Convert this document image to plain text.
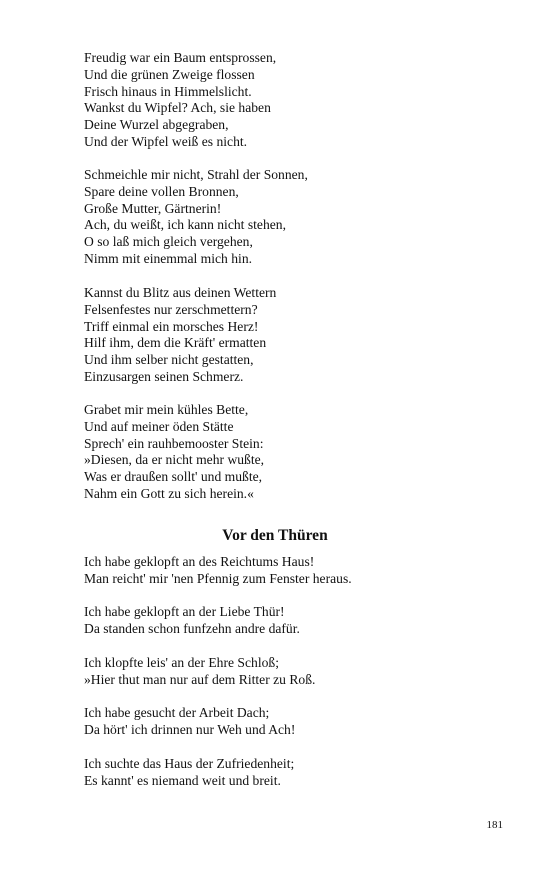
Freudig war ein Baum entsprossen,
Und die grünen Zweige flossen
Frisch hinaus in Himmelslicht.
Wankst du Wipfel? Ach, sie haben
Deine Wurzel abgegraben,
Und der Wipfel weiß es nicht.
Schmeichle mir nicht, Strahl der Sonnen,
Spare deine vollen Bronnen,
Große Mutter, Gärtnerin!
Ach, du weißt, ich kann nicht stehen,
O so laß mich gleich vergehen,
Nimm mit einemmal mich hin.
Kannst du Blitz aus deinen Wettern
Felsenfestes nur zerschmettern?
Triff einmal ein morsches Herz!
Hilf ihm, dem die Kräft' ermatten
Und ihm selber nicht gestatten,
Einzusargen seinen Schmerz.
Grabet mir mein kühles Bette,
Und auf meiner öden Stätte
Sprech' ein rauhbemooster Stein:
»Diesen, da er nicht mehr wußte,
Was er draußen sollt' und mußte,
Nahm ein Gott zu sich herein.«
Vor den Thüren
Ich habe geklopft an des Reichtums Haus!
Man reicht' mir 'nen Pfennig zum Fenster heraus.
Ich habe geklopft an der Liebe Thür!
Da standen schon funfzehn andre dafür.
Ich klopfte leis' an der Ehre Schloß;
»Hier thut man nur auf dem Ritter zu Roß.
Ich habe gesucht der Arbeit Dach;
Da hört' ich drinnen nur Weh und Ach!
Ich suchte das Haus der Zufriedenheit;
Es kannt' es niemand weit und breit.
181
